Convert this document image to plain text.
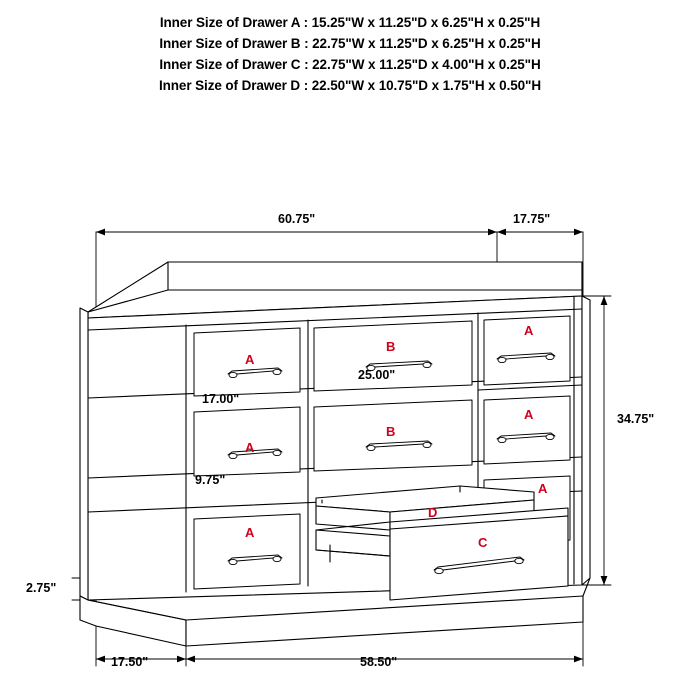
Inner Size of Drawer A : 15.25"W x 11.25"D x 6.25"H x 0.25"H
Inner Size of Drawer B : 22.75"W x 11.25"D x 6.25"H x 0.25"H
Inner Size of Drawer C : 22.75"W x 11.25"D x 4.00"H x 0.25"H
Inner Size of Drawer D : 22.50"W x 10.75"D x 1.75"H x 0.50"H
60.75"	17.75"
25.00"
17.00"
9.75"
34.75"
2.75"
17.50"	58.50"
A
B
A
A
B
A
A
A
D
C
